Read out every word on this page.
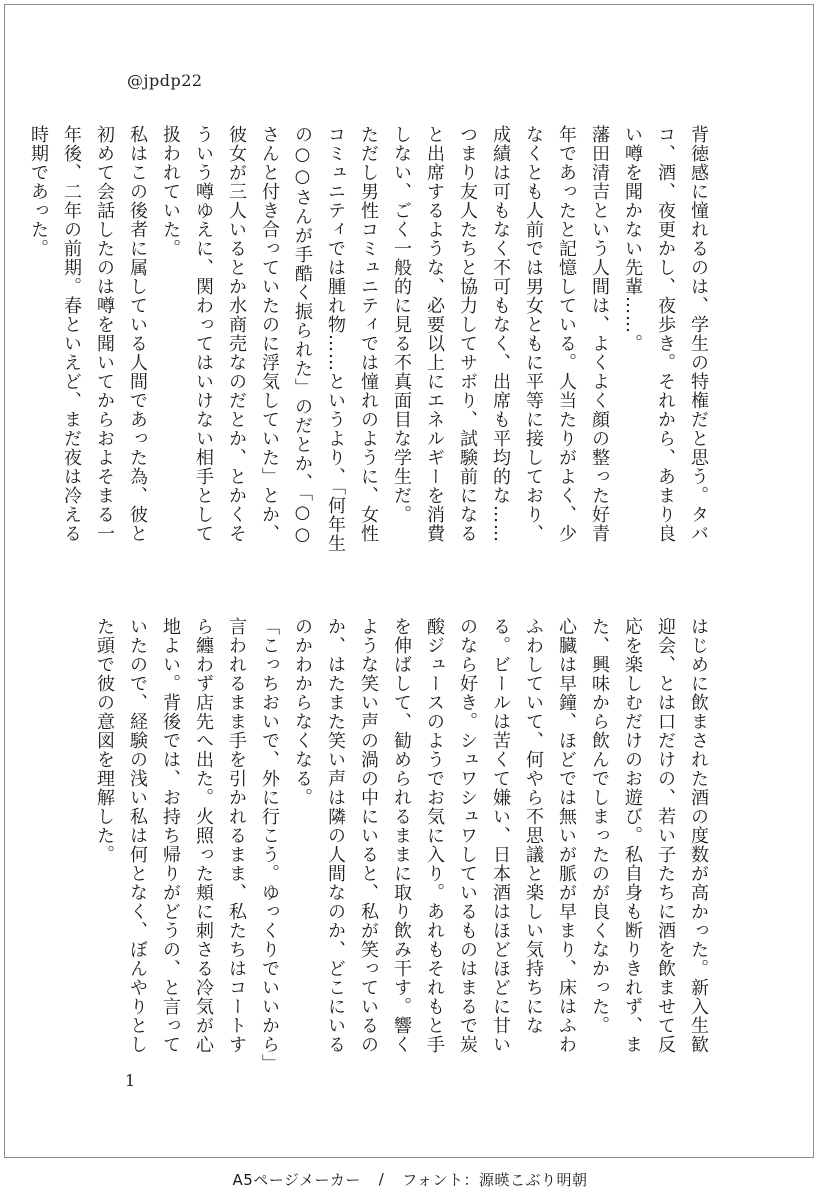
@jpdp22

背徳感に憧れるのは、学生の特権だと思う。タバコ、酒、夜更かし、夜歩き。それから、あまり良い噂を聞かない先輩……。

藩田清吉という人間は、よくよく顔の整った好青年であったと記憶している。人当たりがよく、少なくとも人前では男女ともに平等に接しており、成績は可もなく不可もなく、出席も平均的な……つまり友人たちと協力してサボり、試験前になると出席するような、必要以上にエネルギーを消費しない、ごく一般的に見る不真面目な学生だ。

ただし男性コミュニティでは憧れのように、女性コミュニティでは腫れ物……というより、「何年生の○○さんが手酷く振られた」のだとか、「○○さんと付き合っていたのに浮気していた」とか、彼女が三人いるとか水商売なのだとか、とかくそういう噂ゆえに、関わってはいけない相手として扱われていた。

私はこの後者に属している人間であった為、彼と初めて会話したのは噂を聞いてからおよそまる一年後、二年の前期。春といえど、まだ夜は冷える時期であった。

はじめに飲まされた酒の度数が高かった。新入生歓迎会、とは口だけの、若い子たちに酒を飲ませて反応を楽しむだけのお遊び。私自身も断りきれず、また、興味から飲んでしまったのが良くなかった。

心臓は早鐘、ほどでは無いが脈が早まり、床はふわふわしていて、何やら不思議と楽しい気持ちになる。ビールは苦くて嫌い、日本酒はほどほどに甘いのなら好き。シュワシュワしているものはまるで炭酸ジュースのようでお気に入り。あれもそれもと手を伸ばして、勧められるままに取り飲み干す。響くような笑い声の渦の中にいると、私が笑っているのか、はたまた笑い声は隣の人間なのか、どこにいるのかわからなくなる。

「こっちおいで、外に行こう。ゆっくりでいいから」

言われるまま手を引かれるまま、私たちはコートすら纏わず店先へ出た。火照った頬に刺さる冷気が心地よい。背後では、お持ち帰りがどうの、と言っていたので、経験の浅い私は何となく、ぼんやりとした頭で彼の意図を理解した。

1
A5ページメーカー / フォント：源暎こぶり明朝
